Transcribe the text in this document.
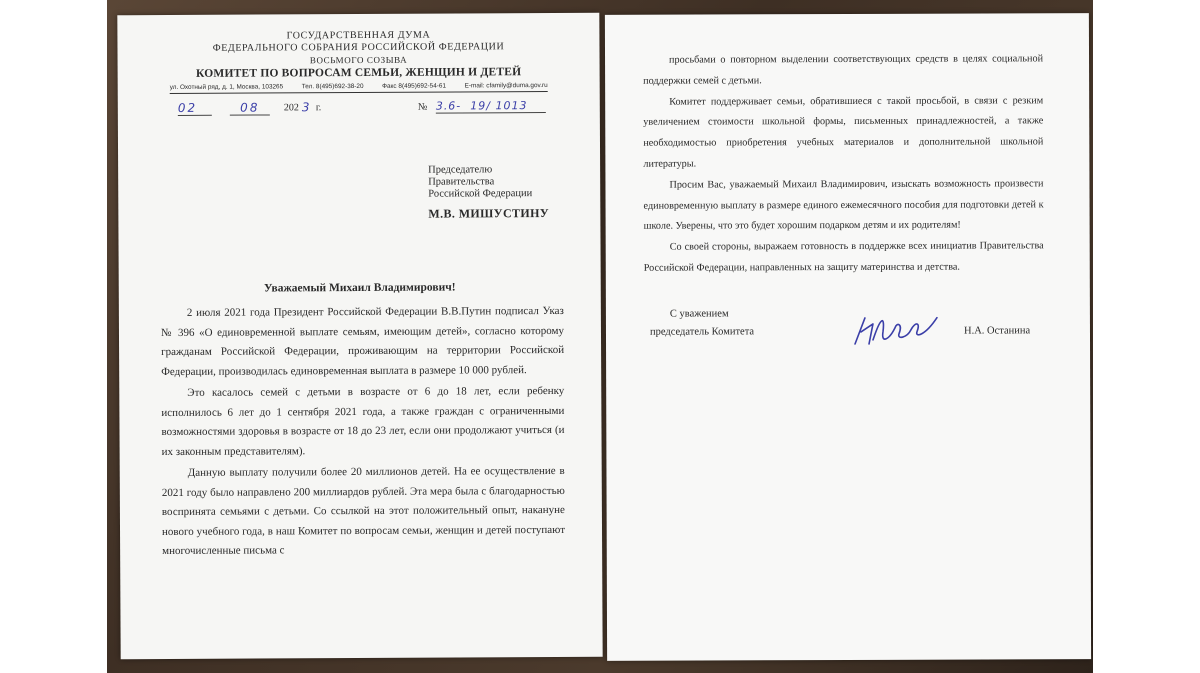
ГОСУДАРСТВЕННАЯ ДУМА
ФЕДЕРАЛЬНОГО СОБРАНИЯ РОССИЙСКОЙ ФЕДЕРАЦИИ
ВОСЬМОГО СОЗЫВА
КОМИТЕТ ПО ВОПРОСАМ СЕМЬИ, ЖЕНЩИН И ДЕТЕЙ
ул. Охотный ряд, д. 1, Москва, 103265	Тел. 8(495)692-38-20	Факс 8(495)692-54-61	E-mail: cfamily@duma.gov.ru
02	08	202 3 г.	№ 3.6-  19/ 1013
Председателю
Правительства
Российской Федерации
М.В. МИШУСТИНУ
Уважаемый Михаил Владимирович!

2 июля 2021 года Президент Российской Федерации В.В.Путин подписал Указ № 396 «О единовременной выплате семьям, имеющим детей», согласно которому гражданам Российской Федерации, проживающим на территории Российской Федерации, производилась единовременная выплата в размере 10 000 рублей.

Это касалось семей с детьми в возрасте от 6 до 18 лет, если ребенку исполнилось 6 лет до 1 сентября 2021 года, а также граждан с ограниченными возможностями здоровья в возрасте от 18 до 23 лет, если они продолжают учиться (и их законным представителям).

Данную выплату получили более 20 миллионов детей. На ее осуществление в 2021 году было направлено 200 миллиардов рублей. Эта мера была с благодарностью воспринята семьями с детьми. Со ссылкой на этот положительный опыт, накануне нового учебного года, в наш Комитет по вопросам семьи, женщин и детей поступают многочисленные письма с

просьбами о повторном выделении соответствующих средств в целях социальной поддержки семей с детьми.

Комитет поддерживает семьи, обратившиеся с такой просьбой, в связи с резким увеличением стоимости школьной формы, письменных принадлежностей, а также необходимостью приобретения учебных материалов и дополнительной школьной литературы.

Просим Вас, уважаемый Михаил Владимирович, изыскать возможность произвести единовременную выплату в размере единого ежемесячного пособия для подготовки детей к школе. Уверены, что это будет хорошим подарком детям и их родителям!

Со своей стороны, выражаем готовность в поддержке всех инициатив Правительства Российской Федерации, направленных на защиту материнства и детства.

С уважением
председатель Комитета	Н.А. Останина
